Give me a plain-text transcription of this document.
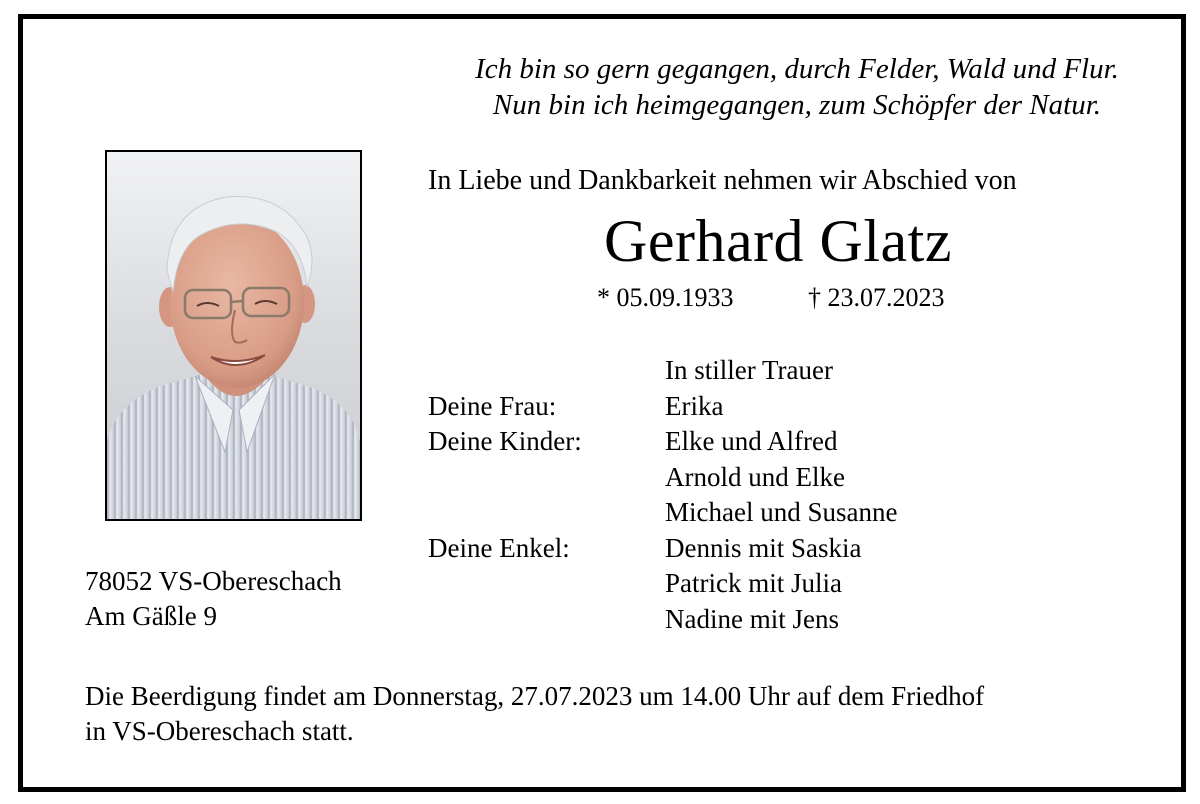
Ich bin so gern gegangen, durch Felder, Wald und Flur.
Nun bin ich heimgegangen, zum Schöpfer der Natur.
In Liebe und Dankbarkeit nehmen wir Abschied von
Gerhard Glatz
* 05.09.1933	† 23.07.2023
In stiller Trauer
Deine Frau:	Erika
Deine Kinder:	Elke und Alfred
Arnold und Elke
Michael und Susanne
Deine Enkel:	Dennis mit Saskia
Patrick mit Julia
Nadine mit Jens
78052 VS-Obereschach
Am Gäßle 9
Die Beerdigung findet am Donnerstag, 27.07.2023 um 14.00 Uhr auf dem Friedhof
in VS-Obereschach statt.
